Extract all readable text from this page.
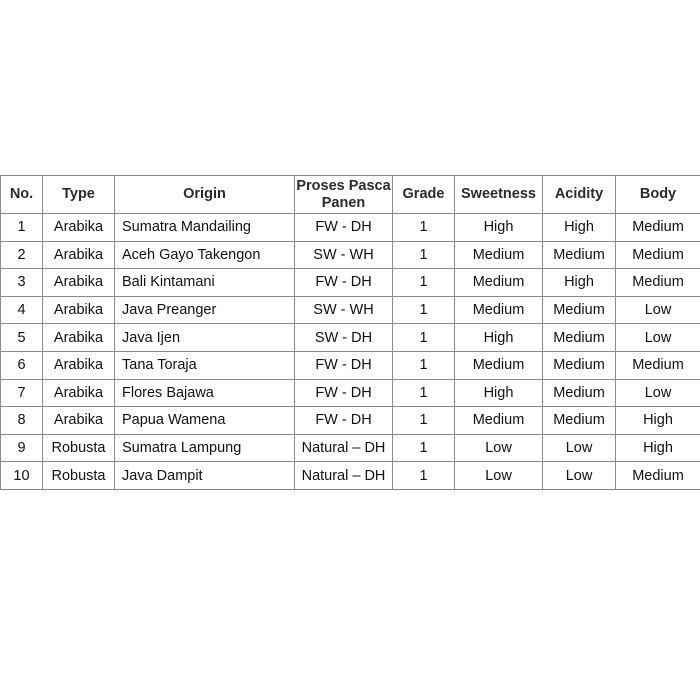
No.	Type	Origin	Proses Pasca Panen	Grade	Sweetness	Acidity	Body
1	Arabika	Sumatra Mandailing	FW - DH	1	High	High	Medium
2	Arabika	Aceh Gayo Takengon	SW - WH	1	Medium	Medium	Medium
3	Arabika	Bali Kintamani	FW - DH	1	Medium	High	Medium
4	Arabika	Java Preanger	SW - WH	1	Medium	Medium	Low
5	Arabika	Java Ijen	SW - DH	1	High	Medium	Low
6	Arabika	Tana Toraja	FW - DH	1	Medium	Medium	Medium
7	Arabika	Flores Bajawa	FW - DH	1	High	Medium	Low
8	Arabika	Papua Wamena	FW - DH	1	Medium	Medium	High
9	Robusta	Sumatra Lampung	Natural – DH	1	Low	Low	High
10	Robusta	Java Dampit	Natural – DH	1	Low	Low	Medium
